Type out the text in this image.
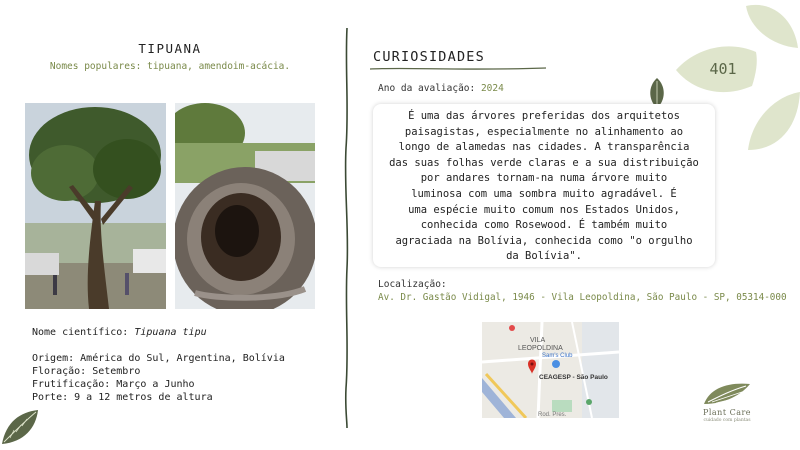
401
TIPUANA
Nomes populares: tipuana, amendoim-acácia.
Nome científico: Tipuana tipu
Origem: América do Sul, Argentina, Bolívia
Floração: Setembro
Frutificação: Março a Junho
Porte: 9 a 12 metros de altura
CURIOSIDADES
Ano da avaliação: 2024
É uma das árvores preferidas dos arquitetos
paisagistas, especialmente no alinhamento ao
longo de alamedas nas cidades. A transparência
das suas folhas verde claras e a sua distribuição
por andares tornam-na numa árvore muito
luminosa com uma sombra muito agradável. É
uma espécie muito comum nos Estados Unidos,
conhecida como Rosewood. É também muito
agraciada na Bolívia, conhecida como "o orgulho
da Bolívia".
Localização:
Av. Dr. Gastão Vidigal, 1946 - Vila Leopoldina, São Paulo - SP, 05314-000
VILA
LEOPOLDINA
Sam's Club
CEAGESP - São Paulo
Rod. Pres.	Plant Care
cuidado com plantas
